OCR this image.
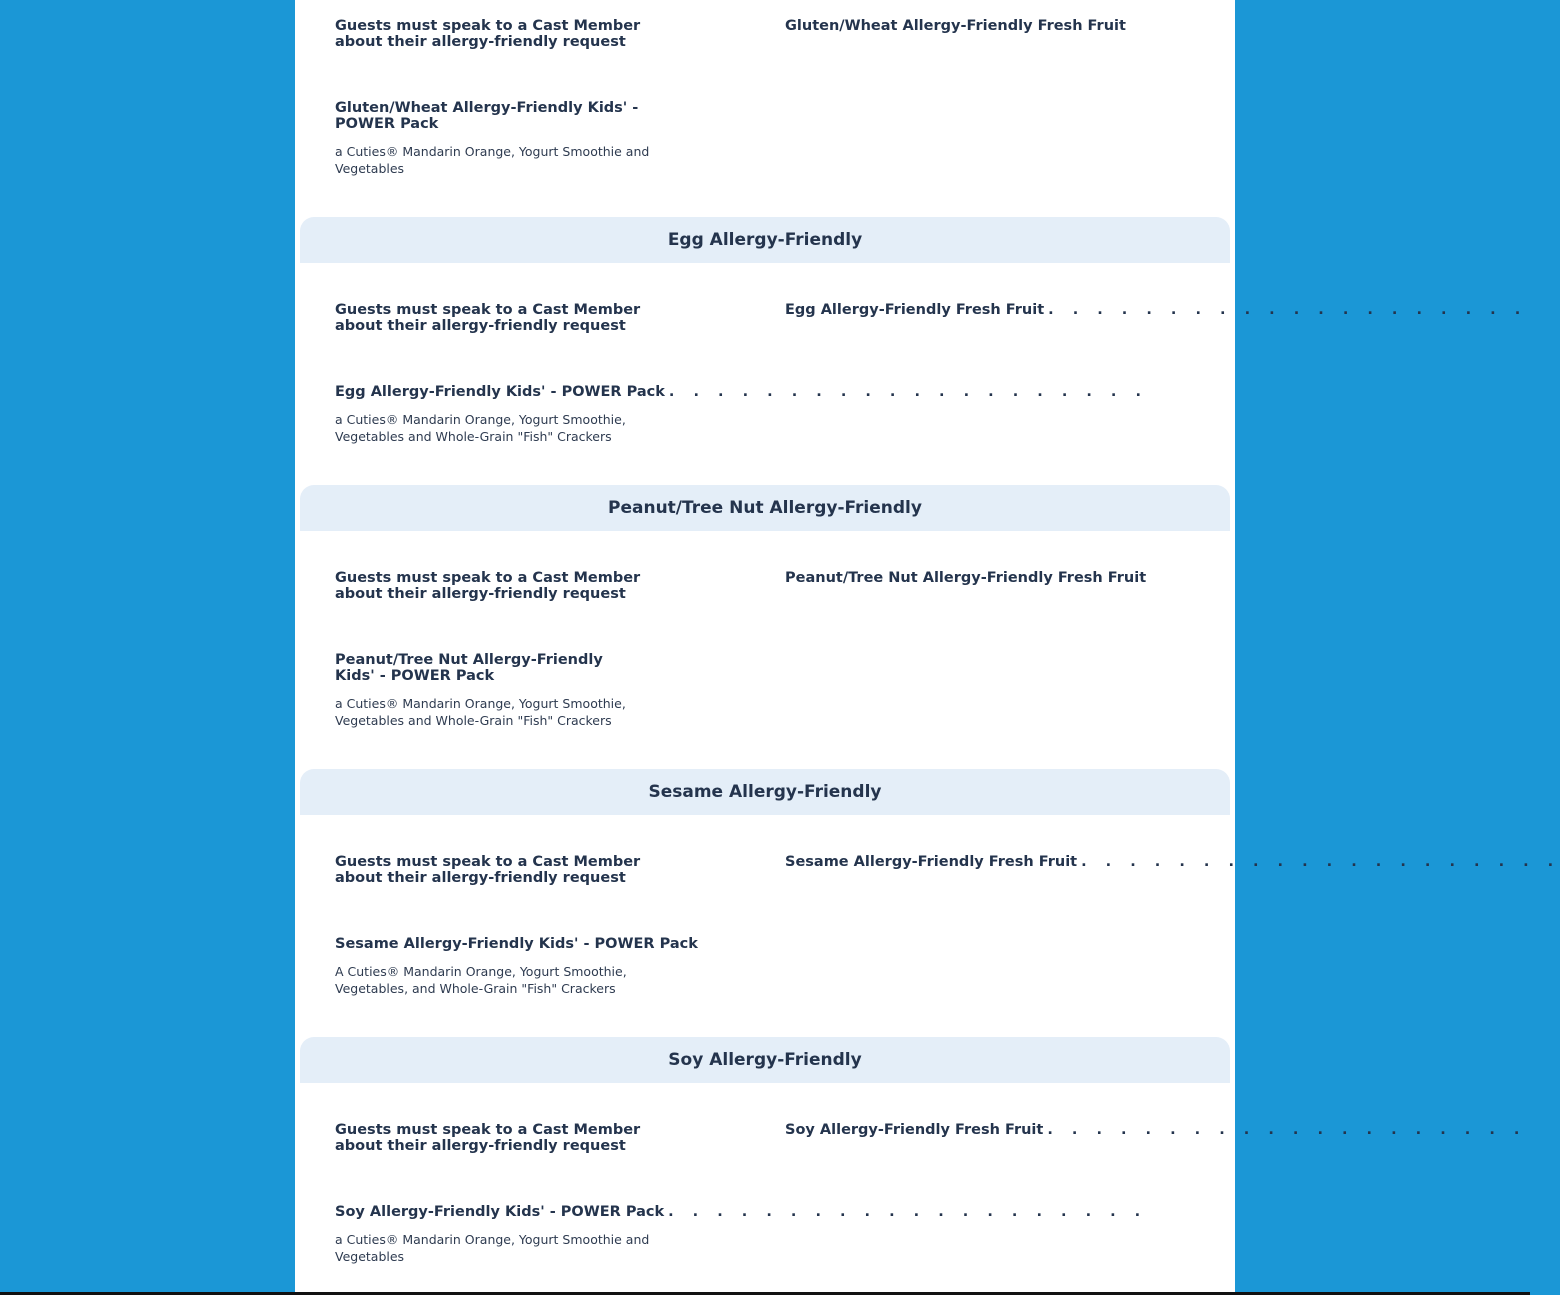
Guests must speak to a Cast Member about their allergy-friendly request
Gluten/Wheat Allergy-Friendly Fresh Fruit
Gluten/Wheat Allergy-Friendly Kids' - POWER Pack
a Cuties® Mandarin Orange, Yogurt Smoothie and Vegetables
Egg Allergy-Friendly
Guests must speak to a Cast Member about their allergy-friendly request
Egg Allergy-Friendly Fresh Fruit . . . . . . . . . . . . . . . . . . . .
Egg Allergy-Friendly Kids' - POWER Pack . . . . . . . . . . . . . . . . . . . .
a Cuties® Mandarin Orange, Yogurt Smoothie, Vegetables and Whole-Grain "Fish" Crackers
Peanut/Tree Nut Allergy-Friendly
Guests must speak to a Cast Member about their allergy-friendly request
Peanut/Tree Nut Allergy-Friendly Fresh Fruit
Peanut/Tree Nut Allergy-Friendly Kids' - POWER Pack
a Cuties® Mandarin Orange, Yogurt Smoothie, Vegetables and Whole-Grain "Fish" Crackers
Sesame Allergy-Friendly
Guests must speak to a Cast Member about their allergy-friendly request
Sesame Allergy-Friendly Fresh Fruit . . . . . . . . . . . . . . . . . . . .
Sesame Allergy-Friendly Kids' - POWER Pack
A Cuties® Mandarin Orange, Yogurt Smoothie, Vegetables, and Whole-Grain "Fish" Crackers
Soy Allergy-Friendly
Guests must speak to a Cast Member about their allergy-friendly request
Soy Allergy-Friendly Fresh Fruit . . . . . . . . . . . . . . . . . . . .
Soy Allergy-Friendly Kids' - POWER Pack . . . . . . . . . . . . . . . . . . . .
a Cuties® Mandarin Orange, Yogurt Smoothie and Vegetables
